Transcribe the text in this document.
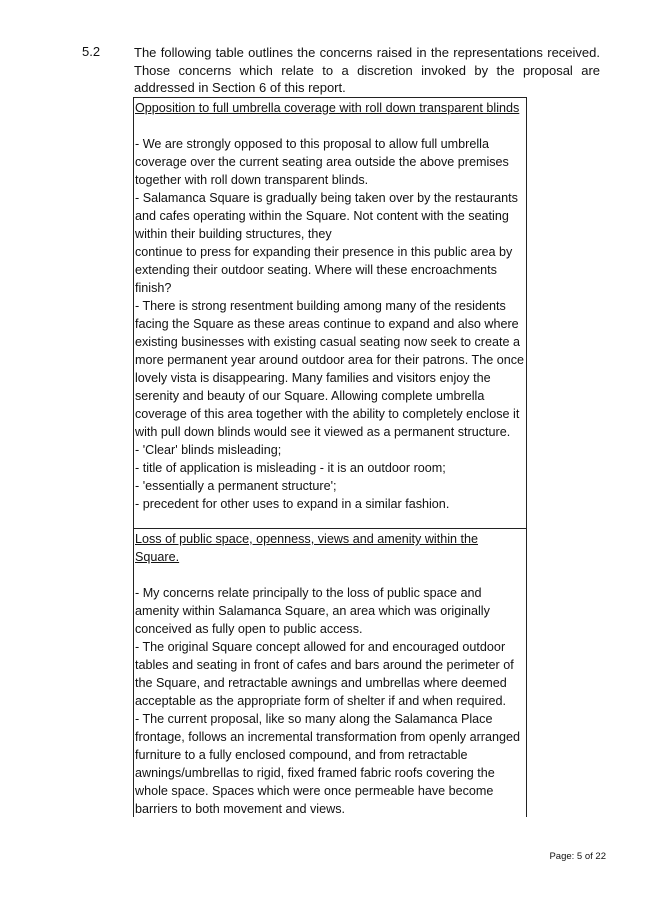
5.2	The following table outlines the concerns raised in the representations received. Those concerns which relate to a discretion invoked by the proposal are addressed in Section 6 of this report.
Opposition to full umbrella coverage with roll down transparent blinds

- We are strongly opposed to this proposal to allow full umbrella coverage over the current seating area outside the above premises together with roll down transparent blinds.

- Salamanca Square is gradually being taken over by the restaurants and cafes operating within the Square. Not content with the seating within their building structures, they

continue to press for expanding their presence in this public area by extending their outdoor seating. Where will these encroachments finish?

- There is strong resentment building among many of the residents facing the Square as these areas continue to expand and also where existing businesses with existing casual seating now seek to create a more permanent year around outdoor area for their patrons. The once lovely vista is disappearing. Many families and visitors enjoy the serenity and beauty of our Square. Allowing complete umbrella coverage of this area together with the ability to completely enclose it with pull down blinds would see it viewed as a permanent structure.

- 'Clear' blinds misleading;

- title of application is misleading - it is an outdoor room;

- 'essentially a permanent structure';

- precedent for other uses to expand in a similar fashion.

Loss of public space, openness, views and amenity within the Square.

- My concerns relate principally to the loss of public space and amenity within Salamanca Square, an area which was originally conceived as fully open to public access.

- The original Square concept allowed for and encouraged outdoor tables and seating in front of cafes and bars around the perimeter of the Square, and retractable awnings and umbrellas where deemed acceptable as the appropriate form of shelter if and when required.

- The current proposal, like so many along the Salamanca Place frontage, follows an incremental transformation from openly arranged furniture to a fully enclosed compound, and from retractable awnings/umbrellas to rigid, fixed framed fabric roofs covering the whole space. Spaces which were once permeable have become barriers to both movement and views.

Page: 5 of 22
